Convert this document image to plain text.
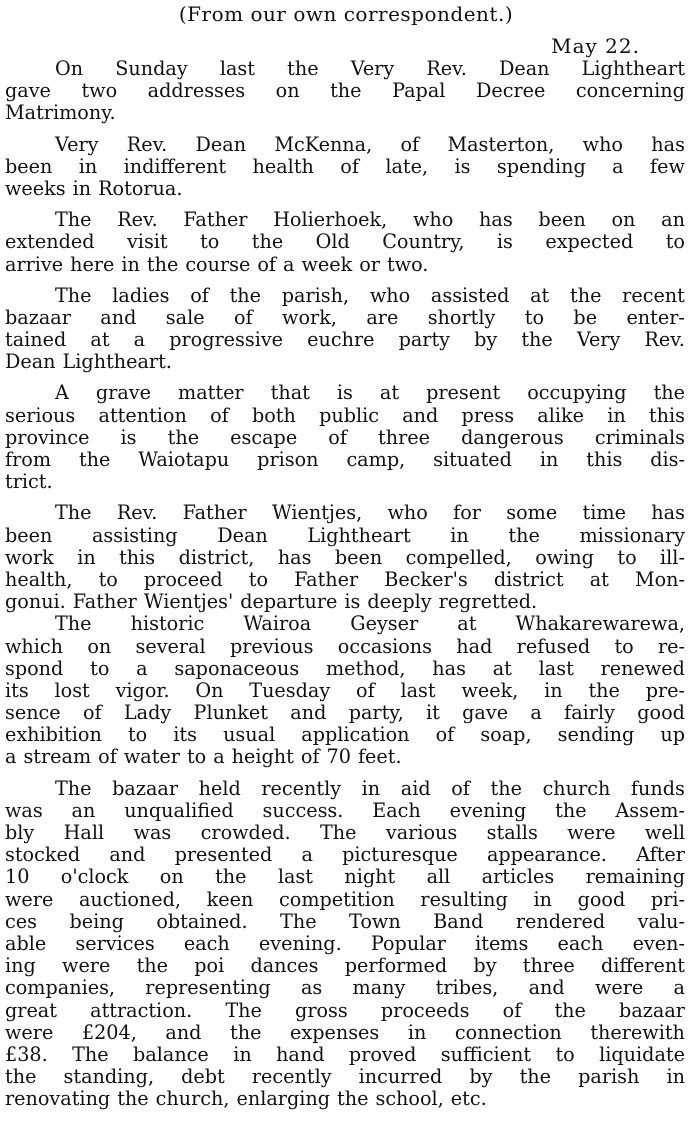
(From our own correspondent.)
May 22.
On Sunday last the Very Rev. Dean Lightheart
gave two addresses on the Papal Decree concerning
Matrimony.
Very Rev. Dean McKenna, of Masterton, who has
been in indifferent health of late, is spending a few
weeks in Rotorua.
The Rev. Father Holierhoek, who has been on an
extended visit to the Old Country, is expected to
arrive here in the course of a week or two.
The ladies of the parish, who assisted at the recent
bazaar and sale of work, are shortly to be enter-
tained at a progressive euchre party by the Very Rev.
Dean Lightheart.
A grave matter that is at present occupying the
serious attention of both public and press alike in this
province is the escape of three dangerous criminals
from the Waiotapu prison camp, situated in this dis-
trict.
The Rev. Father Wientjes, who for some time has
been assisting Dean Lightheart in the missionary
work in this district, has been compelled, owing to ill-
health, to proceed to Father Becker's district at Mon-
gonui. Father Wientjes' departure is deeply regretted.
The historic Wairoa Geyser at Whakarewarewa,
which on several previous occasions had refused to re-
spond to a saponaceous method, has at last renewed
its lost vigor. On Tuesday of last week, in the pre-
sence of Lady Plunket and party, it gave a fairly good
exhibition to its usual application of soap, sending up
a stream of water to a height of 70 feet.
The bazaar held recently in aid of the church funds
was an unqualified success. Each evening the Assem-
bly Hall was crowded. The various stalls were well
stocked and presented a picturesque appearance. After
10 o'clock on the last night all articles remaining
were auctioned, keen competition resulting in good pri-
ces being obtained. The Town Band rendered valu-
able services each evening. Popular items each even-
ing were the poi dances performed by three different
companies, representing as many tribes, and were a
great attraction. The gross proceeds of the bazaar
were £204, and the expenses in connection therewith
£38. The balance in hand proved sufficient to liquidate
the standing, debt recently incurred by the parish in
renovating the church, enlarging the school, etc.
